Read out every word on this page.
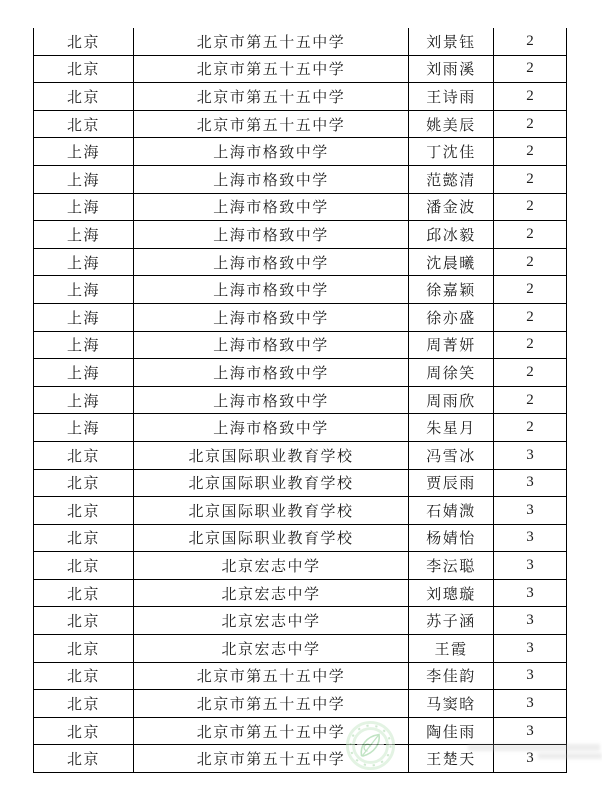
北京	北京市第五十五中学	刘景钰	2
北京	北京市第五十五中学	刘雨溪	2
北京	北京市第五十五中学	王诗雨	2
北京	北京市第五十五中学	姚美辰	2
上海	上海市格致中学	丁沈佳	2
上海	上海市格致中学	范懿清	2
上海	上海市格致中学	潘金波	2
上海	上海市格致中学	邱冰毅	2
上海	上海市格致中学	沈晨曦	2
上海	上海市格致中学	徐嘉颖	2
上海	上海市格致中学	徐亦盛	2
上海	上海市格致中学	周菁妍	2
上海	上海市格致中学	周徐笑	2
上海	上海市格致中学	周雨欣	2
上海	上海市格致中学	朱星月	2
北京	北京国际职业教育学校	冯雪冰	3
北京	北京国际职业教育学校	贾辰雨	3
北京	北京国际职业教育学校	石婧溦	3
北京	北京国际职业教育学校	杨婧怡	3
北京	北京宏志中学	李沄聪	3
北京	北京宏志中学	刘璁璇	3
北京	北京宏志中学	苏子涵	3
北京	北京宏志中学	王霞	3
北京	北京市第五十五中学	李佳韵	3
北京	北京市第五十五中学	马窦晗	3
北京	北京市第五十五中学	陶佳雨	3
北京	北京市第五十五中学	王楚天	3
